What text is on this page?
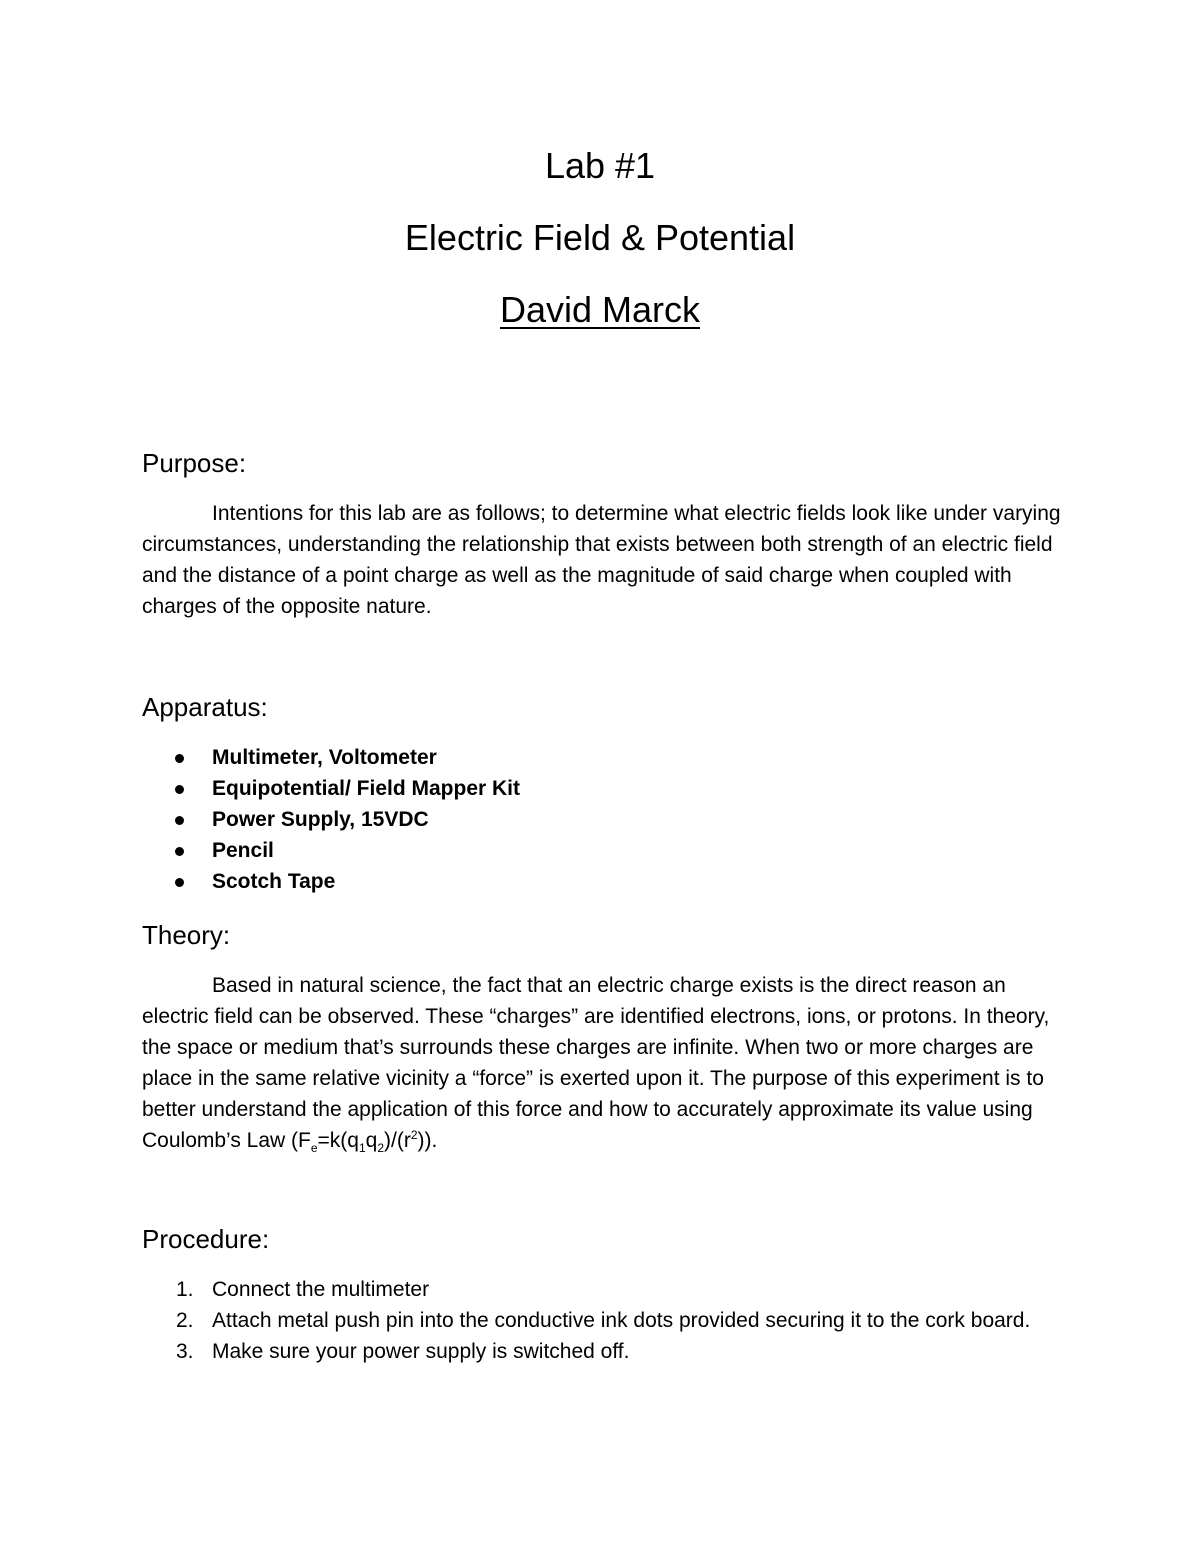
Lab #1
Electric Field & Potential
David Marck
Purpose:

Intentions for this lab are as follows; to determine what electric fields look like under varying circumstances, understanding the relationship that exists between both strength of an electric field and the distance of a point charge as well as the magnitude of said charge when coupled with charges of the opposite nature.

Apparatus:
Multimeter, Voltometer
Equipotential/ Field Mapper Kit
Power Supply, 15VDC
Pencil
Scotch Tape
Theory:

Based in natural science, the fact that an electric charge exists is the direct reason an electric field can be observed. These “charges” are identified electrons, ions, or protons. In theory, the space or medium that’s surrounds these charges are infinite. When two or more charges are place in the same relative vicinity a “force” is exerted upon it. The purpose of this experiment is to better understand the application of this force and how to accurately approximate its value using Coulomb’s Law $(F_e=k(q_1q_2)/(r^2))$.

Procedure:
1. Connect the multimeter
2. Attach metal push pin into the conductive ink dots provided securing it to the cork board.
3. Make sure your power supply is switched off.
